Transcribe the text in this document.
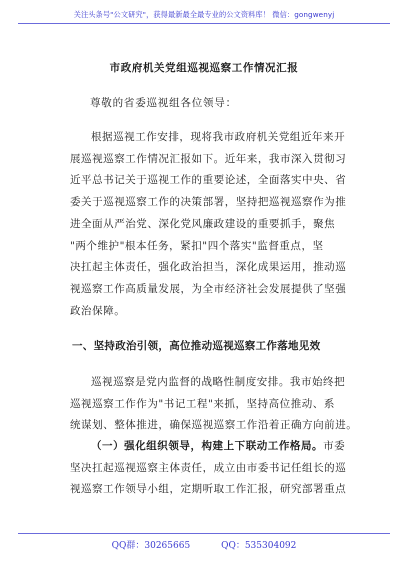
关注头条号"公文研究"，获得最新最全最专业的公文资料库！ 微信：gongwenyj
市政府机关党组巡视巡察工作情况汇报
尊敬的省委巡视组各位领导：
根据巡视工作安排，现将我市政府机关党组近年来开
展巡视巡察工作情况汇报如下。近年来，我市深入贯彻习
近平总书记关于巡视工作的重要论述，全面落实中央、省
委关于巡视巡察工作的决策部署，坚持把巡视巡察作为推
进全面从严治党、深化党风廉政建设的重要抓手，聚焦
"两个维护"根本任务，紧扣"四个落实"监督重点，坚
决扛起主体责任，强化政治担当，深化成果运用，推动巡
视巡察工作高质量发展，为全市经济社会发展提供了坚强
政治保障。
一、坚持政治引领，高位推动巡视巡察工作落地见效
巡视巡察是党内监督的战略性制度安排。我市始终把
巡视巡察工作作为"书记工程"来抓，坚持高位推动、系
统谋划、整体推进，确保巡视巡察工作沿着正确方向前进。
（一）强化组织领导，构建上下联动工作格局。市委
坚决扛起巡视巡察主体责任，成立由市委书记任组长的巡
视巡察工作领导小组，定期听取工作汇报，研究部署重点
QQ群：30265665	QQ：535304092
